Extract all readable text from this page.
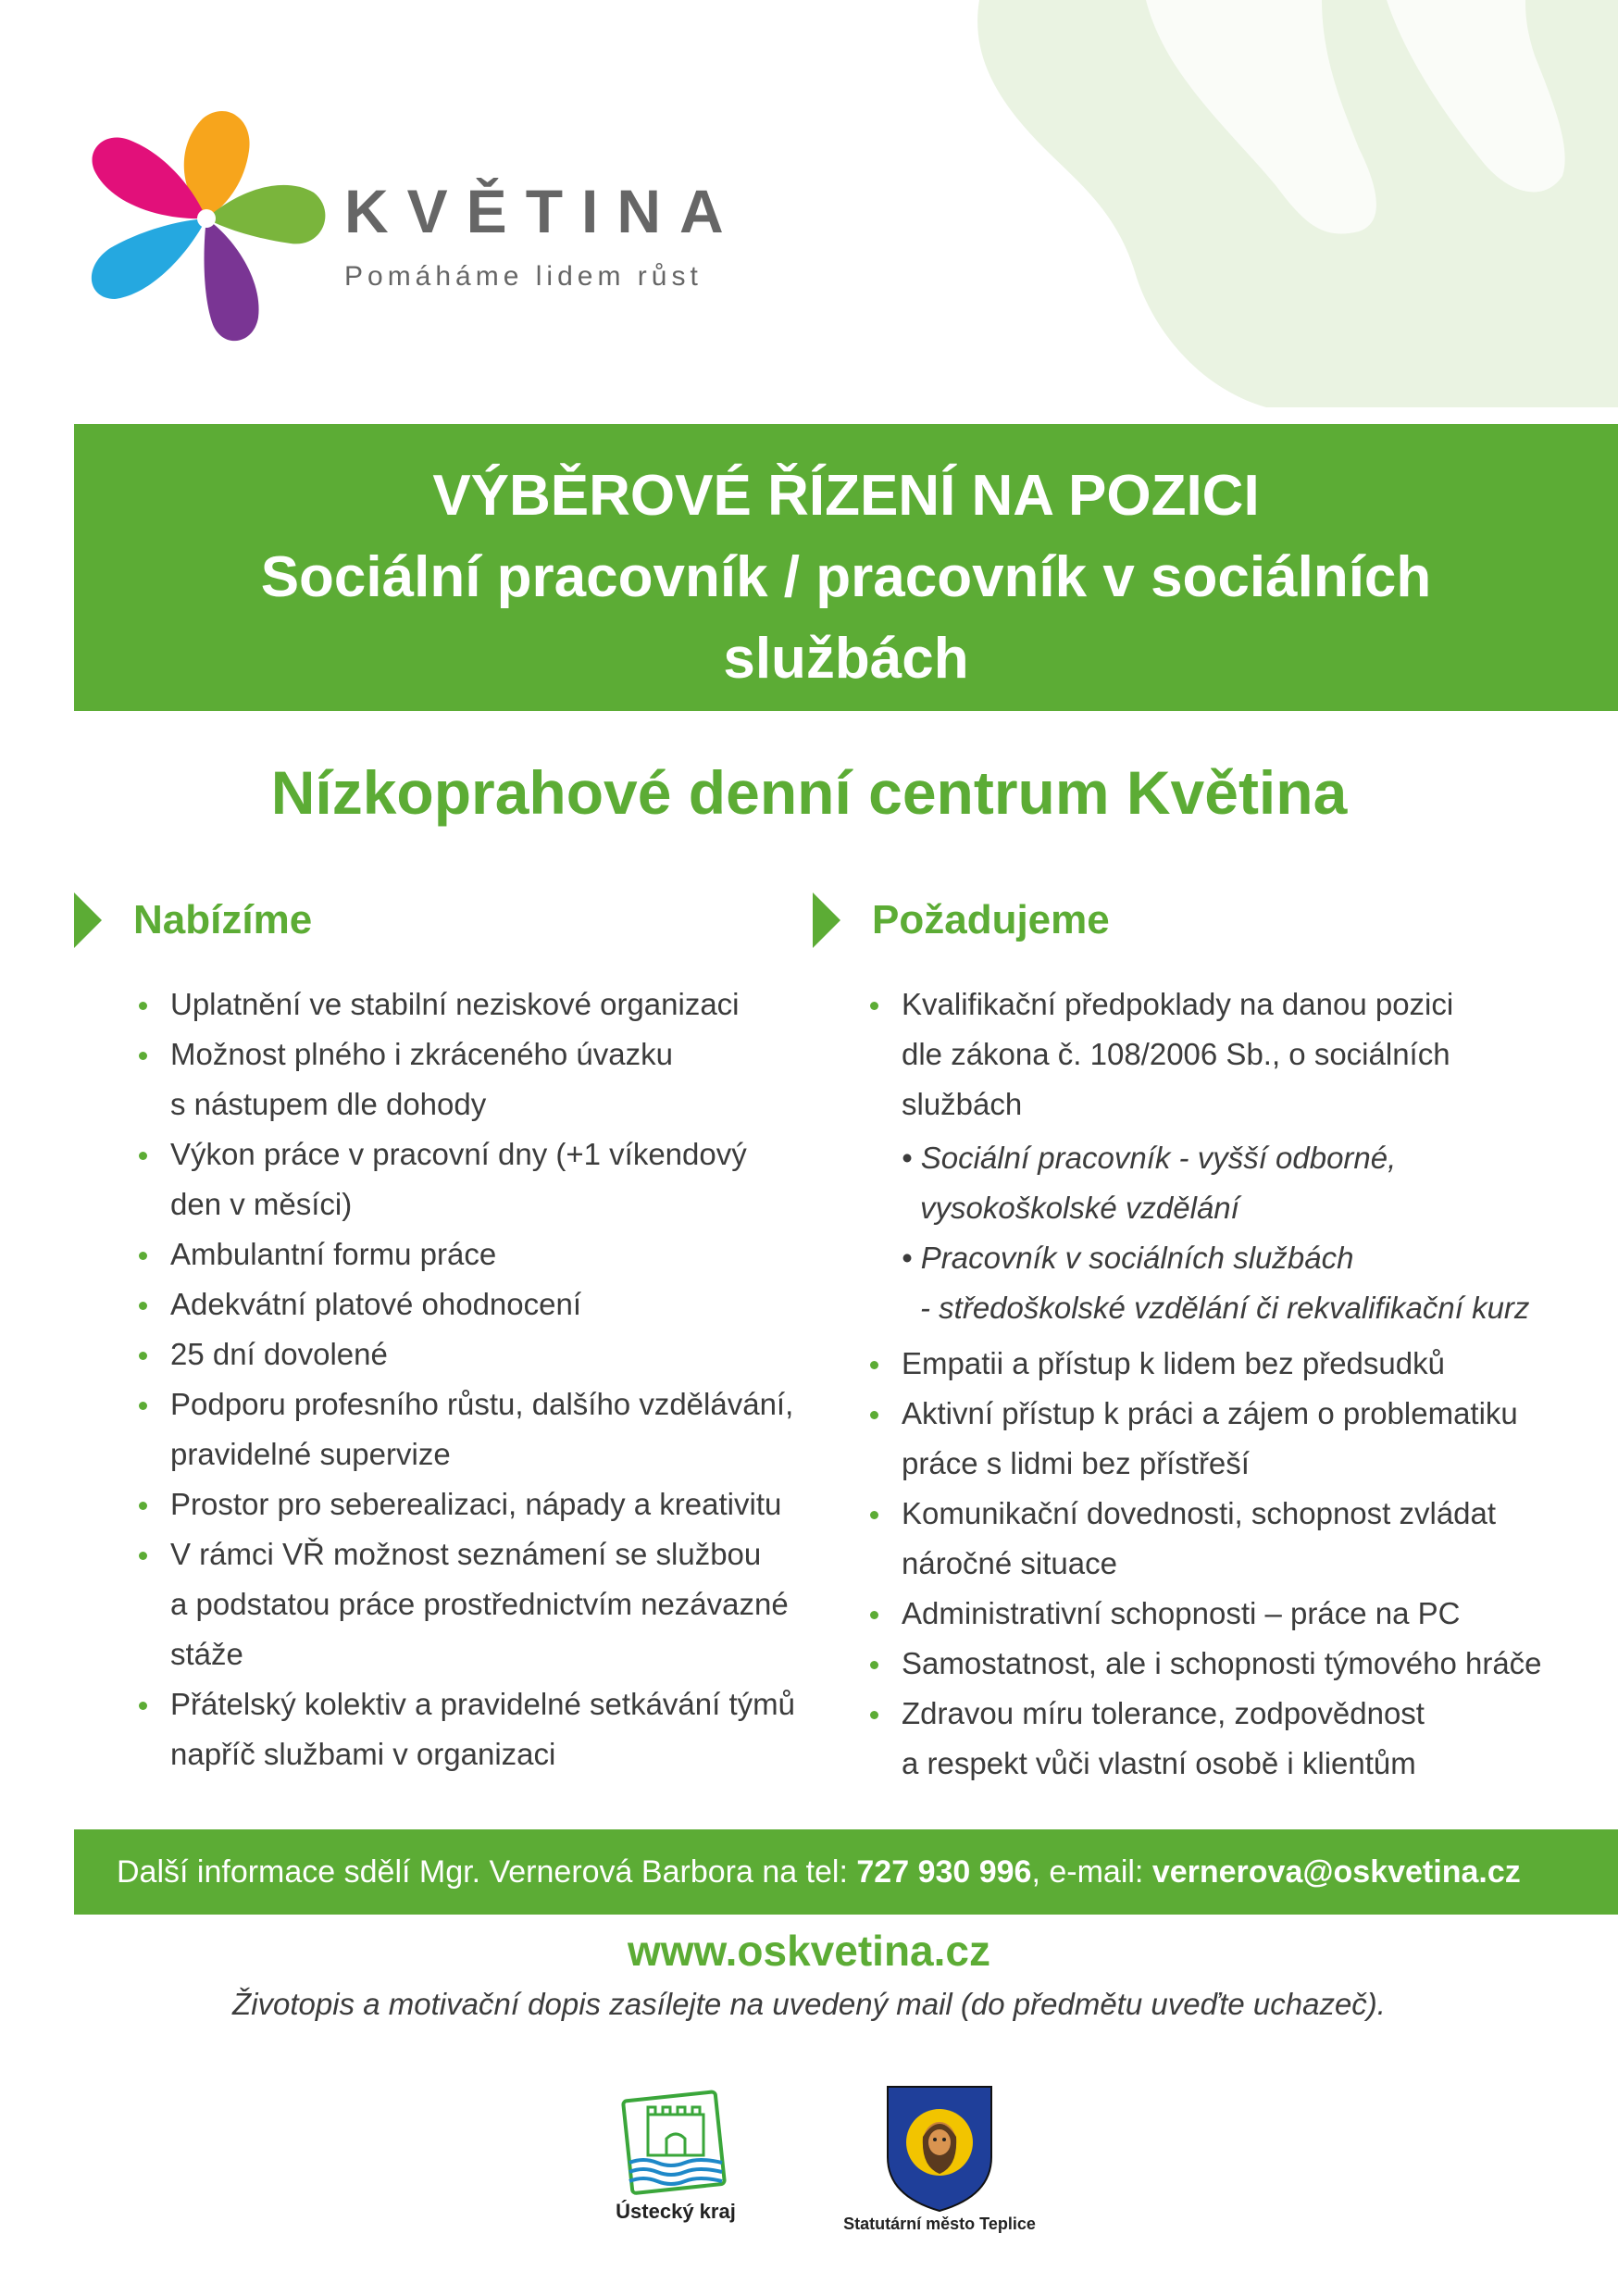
KVĚTINA

Pomáháme lidem růst

VÝBĚROVÉ ŘÍZENÍ NA POZICI
Sociální pracovník / pracovník v sociálních
službách
Nízkoprahové denní centrum Květina
Nabízíme
Uplatnění ve stabilní neziskové organizaci
Možnost plného i zkráceného úvazku
s nástupem dle dohody
Výkon práce v pracovní dny (+1 víkendový
den v měsíci)
Ambulantní formu práce
Adekvátní platové ohodnocení
25 dní dovolené
Podporu profesního růstu, dalšího vzdělávání,
pravidelné supervize
Prostor pro seberealizaci, nápady a kreativitu
V rámci VŘ možnost seznámení se službou
a podstatou práce prostřednictvím nezávazné
stáže
Přátelský kolektiv a pravidelné setkávání týmů
napříč službami v organizaci
Požadujeme
Kvalifikační předpoklady na danou pozici
dle zákona č. 108/2006 Sb., o sociálních
službách
• Sociální pracovník - vyšší odborné,
vysokoškolské vzdělání
• Pracovník v sociálních službách
- středoškolské vzdělání či rekvalifikační kurz
Empatii a přístup k lidem bez předsudků
Aktivní přístup k práci a zájem o problematiku
práce s lidmi bez přístřeší
Komunikační dovednosti, schopnost zvládat
náročné situace
Administrativní schopnosti – práce na PC
Samostatnost, ale i schopnosti týmového hráče
Zdravou míru tolerance, zodpovědnost
a respekt vůči vlastní osobě i klientům
Další informace sdělí Mgr. Vernerová Barbora na tel: 727 930 996, e-mail: vernerova@oskvetina.cz
www.oskvetina.cz
Životopis a motivační dopis zasílejte na uvedený mail (do předmětu uveďte uchazeč).
Ústecký kraj
Statutární město Teplice
